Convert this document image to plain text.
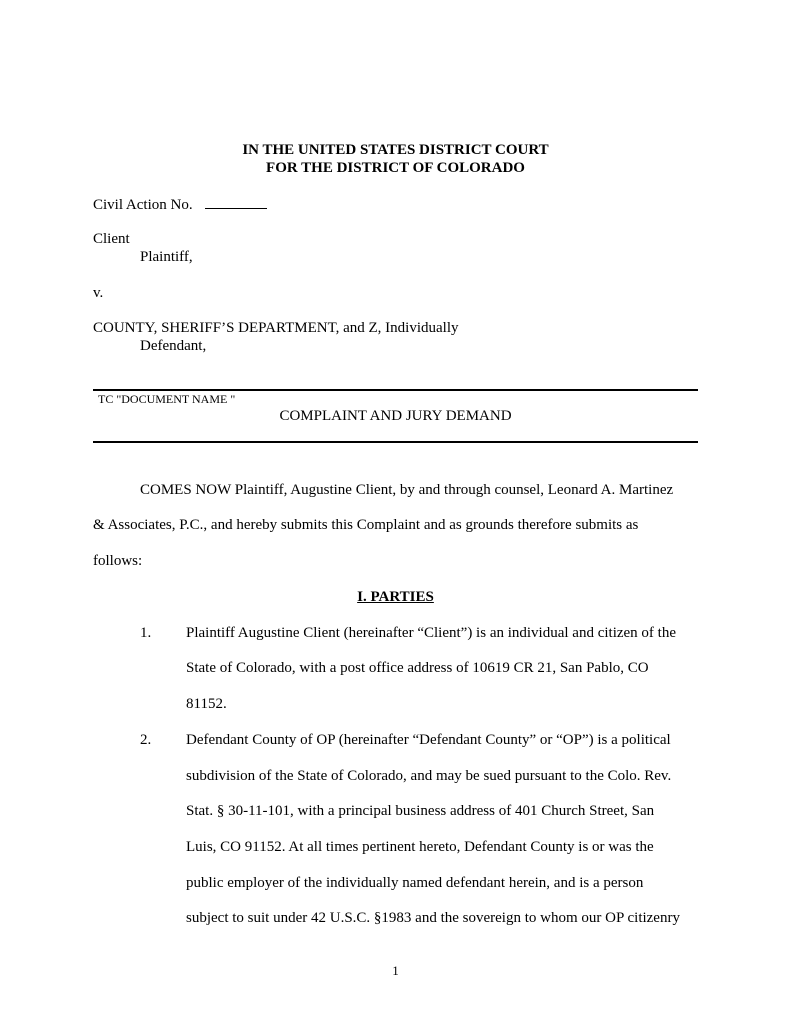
IN THE UNITED STATES DISTRICT COURT
FOR THE DISTRICT OF COLORADO
Civil Action No.
Client
Plaintiff,
v.
COUNTY, SHERIFF’S DEPARTMENT, and Z, Individually
Defendant,
TC "DOCUMENT NAME "
COMPLAINT AND JURY DEMAND
COMES NOW Plaintiff, Augustine Client, by and through counsel, Leonard A. Martinez
& Associates, P.C., and hereby submits this Complaint and as grounds therefore submits as
follows:
I. PARTIES
1. Plaintiff Augustine Client (hereinafter “Client”) is an individual and citizen of the
State of Colorado, with a post office address of 10619 CR 21, San Pablo, CO
81152.
2. Defendant County of OP (hereinafter “Defendant County” or “OP”) is a political
subdivision of the State of Colorado, and may be sued pursuant to the Colo. Rev.
Stat. § 30-11-101, with a principal business address of 401 Church Street, San
Luis, CO 91152. At all times pertinent hereto, Defendant County is or was the
public employer of the individually named defendant herein, and is a person
subject to suit under 42 U.S.C. §1983 and the sovereign to whom our OP citizenry
1
